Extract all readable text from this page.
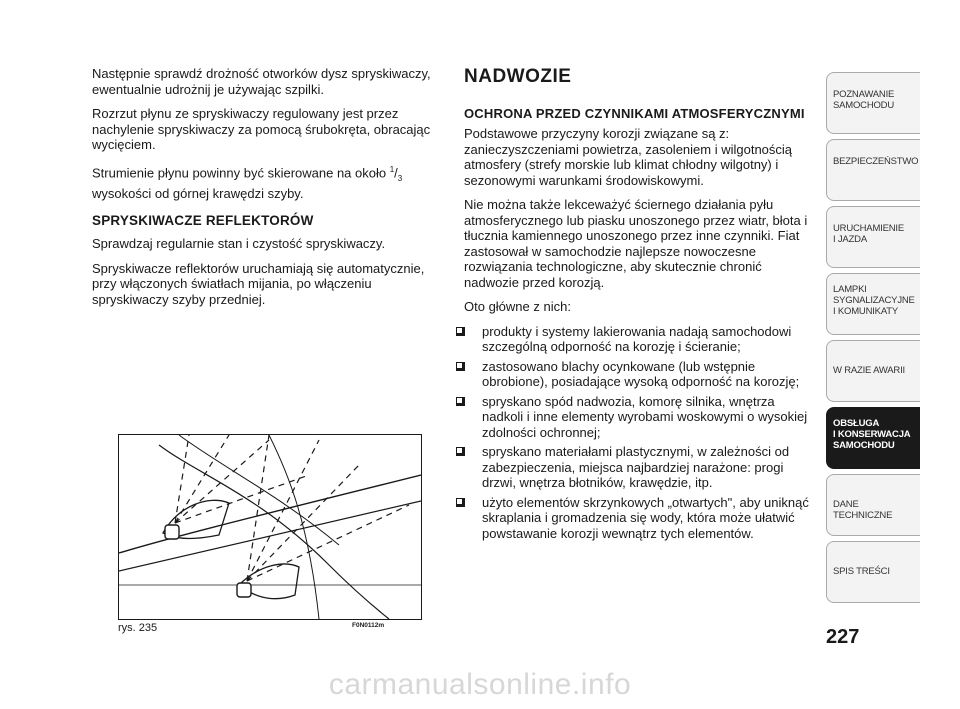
Następnie sprawdź drożność otworków dysz spryskiwaczy, ewentualnie udrożnij je używając szpilki.

Rozrzut płynu ze spryskiwaczy regulowany jest przez nachylenie spryskiwaczy za pomocą śrubokręta, obracając wycięciem.

Strumienie płynu powinny być skierowane na około $^1/_3$ wysokości od górnej krawędzi szyby.

SPRYSKIWACZE REFLEKTORÓW

Sprawdzaj regularnie stan i czystość spryskiwaczy.

Spryskiwacze reflektorów uruchamiają się automatycznie, przy włączonych światłach mijania, po włączeniu spryskiwaczy szyby przedniej.

rys. 235	F0N0112m
NADWOZIE
OCHRONA PRZED CZYNNIKAMI ATMOSFERYCZNYMI

Podstawowe przyczyny korozji związane są z: zanieczyszczeniami powietrza, zasoleniem i wilgotnością atmosfery (strefy morskie lub klimat chłodny wilgotny) i sezonowymi warunkami środowiskowymi.

Nie można także lekceważyć ściernego działania pyłu atmosferycznego lub piasku unoszonego przez wiatr, błota i tłucznia kamiennego unoszonego przez inne czynniki. Fiat zastosował w samochodzie najlepsze nowoczesne rozwiązania technologiczne, aby skutecznie chronić nadwozie przed korozją.

Oto główne z nich:

produkty i systemy lakierowania nadają samochodowi szczególną odporność na korozję i ścieranie;
zastosowano blachy ocynkowane (lub wstępnie obrobione), posiadające wysoką odporność na korozję;
spryskano spód nadwozia, komorę silnika, wnętrza nadkoli i inne elementy wyrobami woskowymi o wysokiej zdolności ochronnej;
spryskano materiałami plastycznymi, w zależności od zabezpieczenia, miejsca najbardziej narażone: progi drzwi, wnętrza błotników, krawędzie, itp.
użyto elementów skrzynkowych „otwartych", aby uniknąć skraplania i gromadzenia się wody, która może ułatwić powstawanie korozji wewnątrz tych elementów.
POZNAWANIE
SAMOCHODU
BEZPIECZEŃSTWO
URUCHAMIENIE
I JAZDA
LAMPKI
SYGNALIZACYJNE
I KOMUNIKATY
W RAZIE AWARII
OBSŁUGA
I KONSERWACJA
SAMOCHODU
DANE TECHNICZNE
SPIS TREŚCI
227
carmanualsonline.info
